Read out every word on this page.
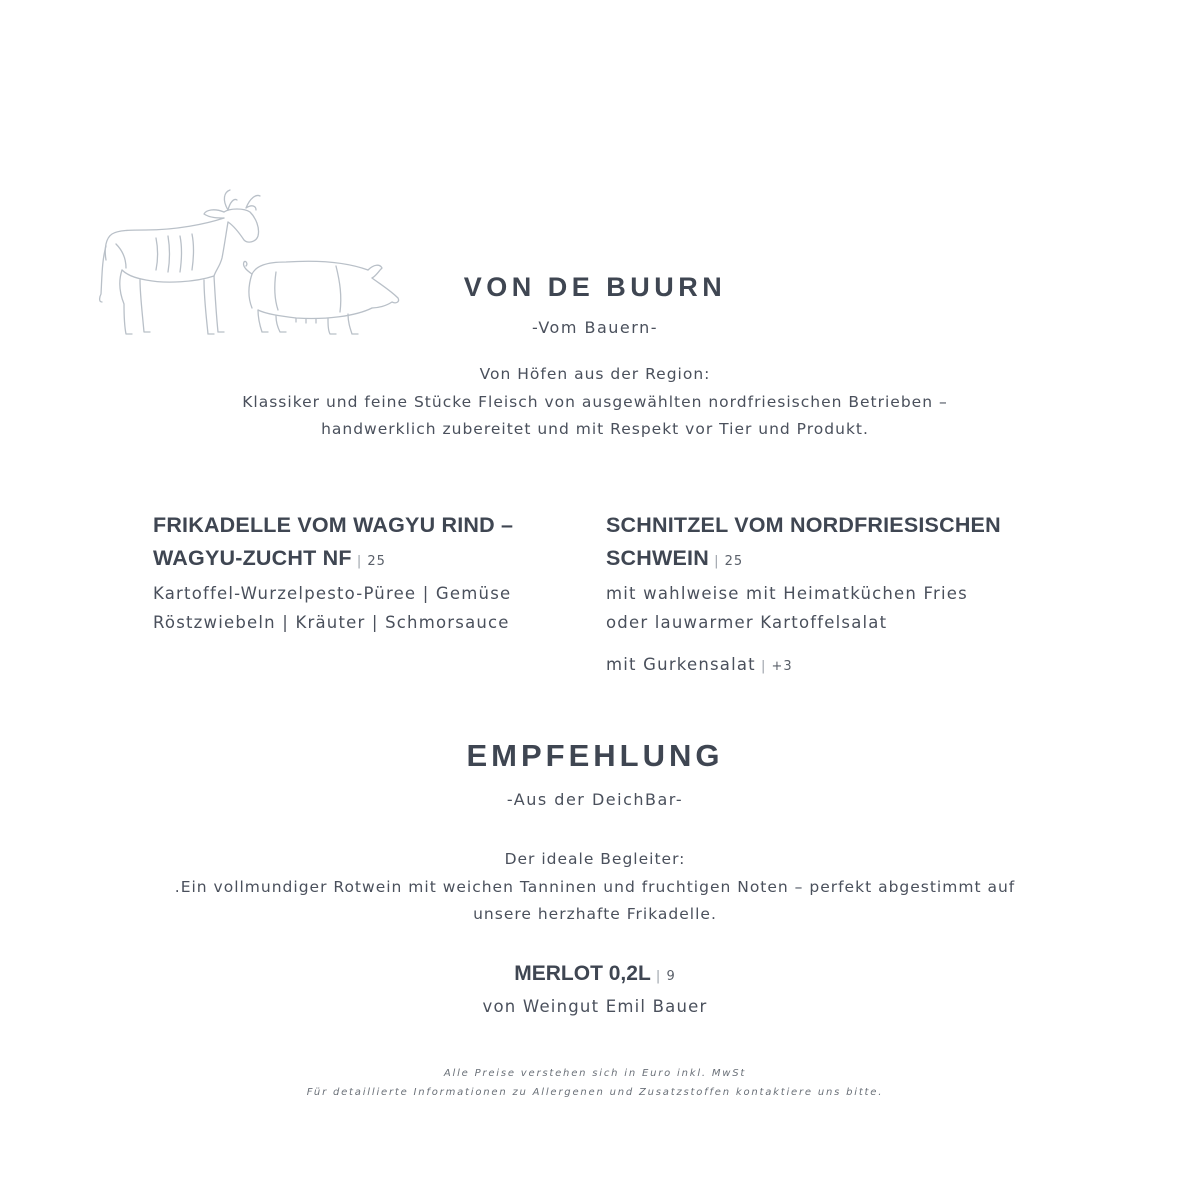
VON DE BUURN
-Vom Bauern-
Von Höfen aus der Region:
Klassiker und feine Stücke Fleisch von ausgewählten nordfriesischen Betrieben –
handwerklich zubereitet und mit Respekt vor Tier und Produkt.
FRIKADELLE VOM WAGYU RIND –
WAGYU-ZUCHT NF | 25
Kartoffel-Wurzelpesto-Püree | Gemüse
Röstzwiebeln | Kräuter | Schmorsauce
SCHNITZEL VOM NORDFRIESISCHEN
SCHWEIN | 25
mit wahlweise mit Heimatküchen Fries
oder lauwarmer Kartoffelsalat
mit Gurkensalat | +3
EMPFEHLUNG
-Aus der DeichBar-
Der ideale Begleiter:
.Ein vollmundiger Rotwein mit weichen Tanninen und fruchtigen Noten – perfekt abgestimmt auf
unsere herzhafte Frikadelle.
MERLOT 0,2L | 9
von Weingut Emil Bauer
Alle Preise verstehen sich in Euro inkl. MwSt
Für detaillierte Informationen zu Allergenen und Zusatzstoffen kontaktiere uns bitte.
